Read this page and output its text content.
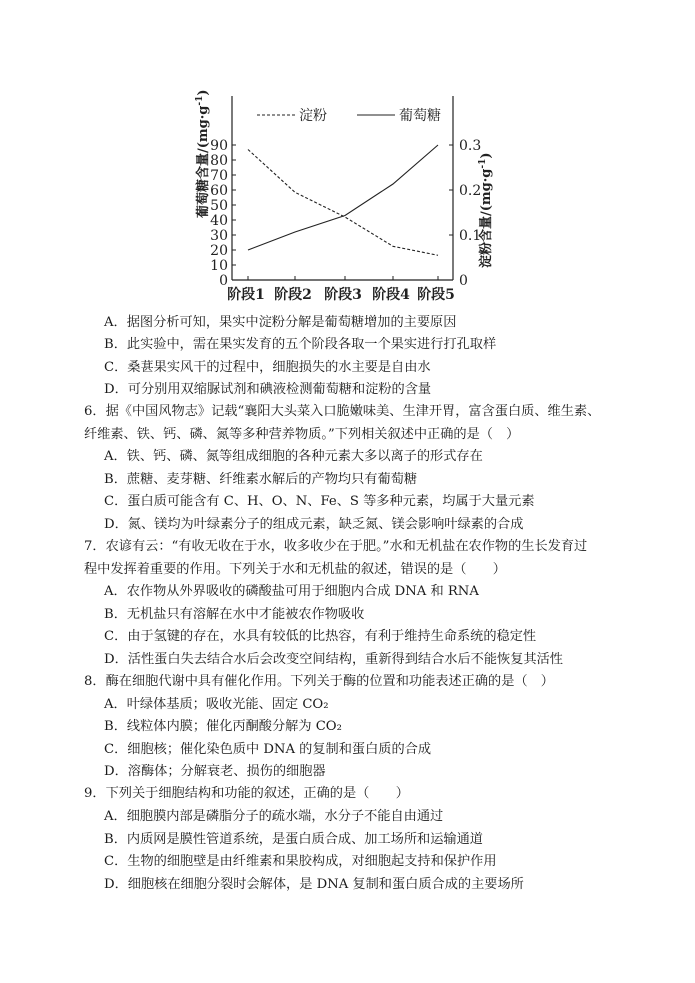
淀粉	葡萄糖
0
10
20
30
40
50
60
70
80
90
0
0.1
0.2
0.3
阶段1 阶段2 阶段3 阶段4 阶段5
葡萄糖含量$/(mg\cdot g^{-1})$
淀粉含量$/(mg\cdot g^{-1})$
A．据图分析可知，果实中淀粉分解是葡萄糖增加的主要原因
B．此实验中，需在果实发育的五个阶段各取一个果实进行打孔取样
C．桑葚果实风干的过程中，细胞损失的水主要是自由水
D．可分别用双缩脲试剂和碘液检测葡萄糖和淀粉的含量
6．据《中国风物志》记载“襄阳大头菜入口脆嫩味美、生津开胃，富含蛋白质、维生素、
纤维素、铁、钙、磷、氮等多种营养物质。”下列相关叙述中正确的是（　）
A．铁、钙、磷、氮等组成细胞的各种元素大多以离子的形式存在
B．蔗糖、麦芽糖、纤维素水解后的产物均只有葡萄糖
C．蛋白质可能含有 C、H、O、N、Fe、S 等多种元素，均属于大量元素
D．氮、镁均为叶绿素分子的组成元素，缺乏氮、镁会影响叶绿素的合成
7．农谚有云：“有收无收在于水，收多收少在于肥。”水和无机盐在农作物的生长发育过
程中发挥着重要的作用。下列关于水和无机盐的叙述，错误的是（　　）
A．农作物从外界吸收的磷酸盐可用于细胞内合成 DNA 和 RNA
B．无机盐只有溶解在水中才能被农作物吸收
C．由于氢键的存在，水具有较低的比热容，有利于维持生命系统的稳定性
D．活性蛋白失去结合水后会改变空间结构，重新得到结合水后不能恢复其活性
8．酶在细胞代谢中具有催化作用。下列关于酶的位置和功能表述正确的是（　）
A．叶绿体基质；吸收光能、固定 CO₂
B．线粒体内膜；催化丙酮酸分解为 CO₂
C．细胞核；催化染色质中 DNA 的复制和蛋白质的合成
D．溶酶体；分解衰老、损伤的细胞器
9．下列关于细胞结构和功能的叙述，正确的是（　　）
A．细胞膜内部是磷脂分子的疏水端，水分子不能自由通过
B．内质网是膜性管道系统，是蛋白质合成、加工场所和运输通道
C．生物的细胞壁是由纤维素和果胶构成，对细胞起支持和保护作用
D．细胞核在细胞分裂时会解体，是 DNA 复制和蛋白质合成的主要场所
